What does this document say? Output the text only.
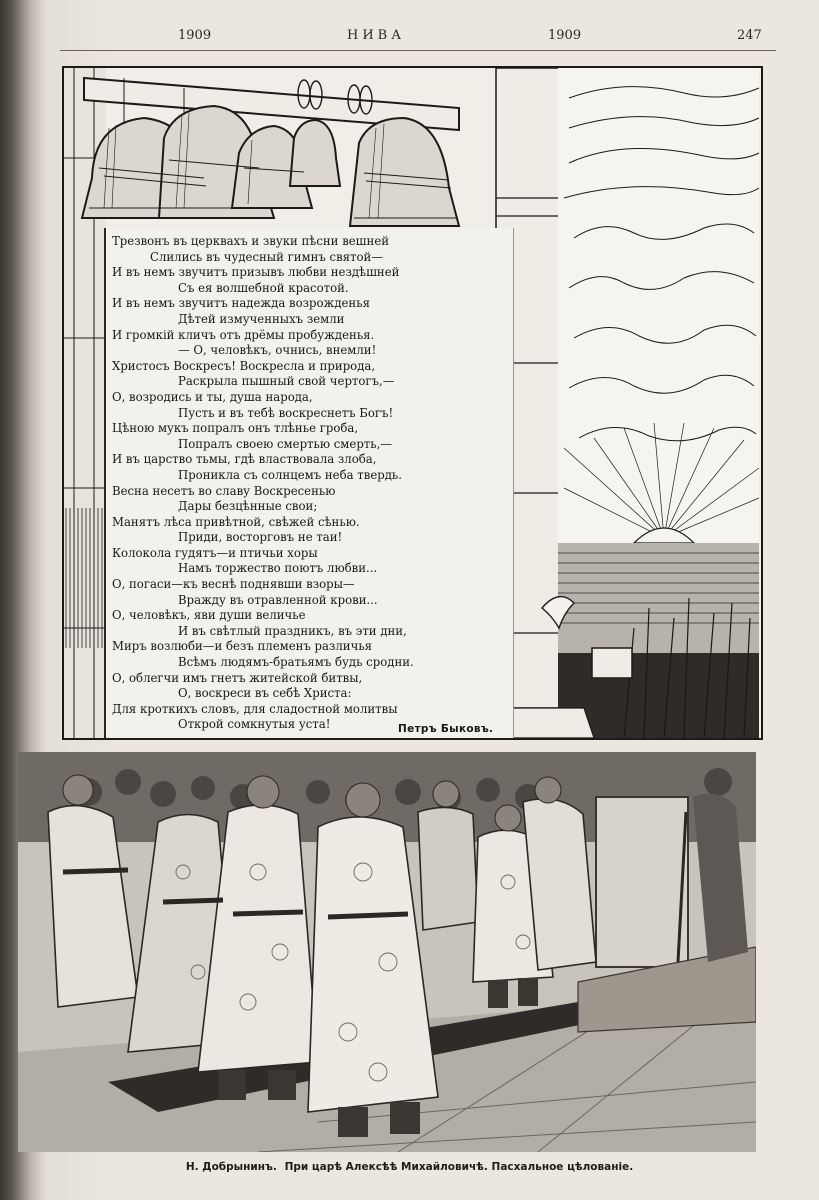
1909	НИВА	1909	247
Трезвонъ въ церквахъ и звуки пѣсни вешней
Слились въ чудесный гимнъ святой—
И въ немъ звучитъ призывъ любви нездѣшней
Съ ея волшебной красотой.
И въ немъ звучитъ надежда возрожденья
Дѣтей измученныхъ земли
И громкій кличъ отъ дрёмы пробужденья.
— О, человѣкъ, очнись, внемли!
Христосъ Воскресъ! Воскресла и природа,
Раскрыла пышный свой чертогъ,—
О, возродись и ты, душа народа,
Пусть и въ тебѣ воскреснетъ Богъ!
Цѣною мукъ попралъ онъ тлѣнье гроба,
Попралъ своею смертью смерть,—
И въ царство тьмы, гдѣ властвовала злоба,
Проникла съ солнцемъ неба твердь.
Весна несетъ во славу Воскресенью
Дары безцѣнные свои;
Манятъ лѣса привѣтной, свѣжей сѣнью.
Приди, восторговъ не таи!
Колокола гудятъ—и птичьи хоры
Намъ торжество поютъ любви...
О, погаси—къ веснѣ поднявши взоры—
Вражду въ отравленной крови...
О, человѣкъ, яви души величье
И въ свѣтлый праздникъ, въ эти дни,
Миръ возлюби—и безъ племенъ различья
Всѣмъ людямъ-братьямъ будь сродни.
О, облегчи имъ гнетъ житейской битвы,
О, воскреси въ себѣ Христа:
Для кроткихъ словъ, для сладостной молитвы
Открой сомкнутыя уста!	Петръ Быковъ.
Н. Добрынинъ. При царѣ Алексѣѣ Михайловичѣ. Пасхальное цѣлованіе.
